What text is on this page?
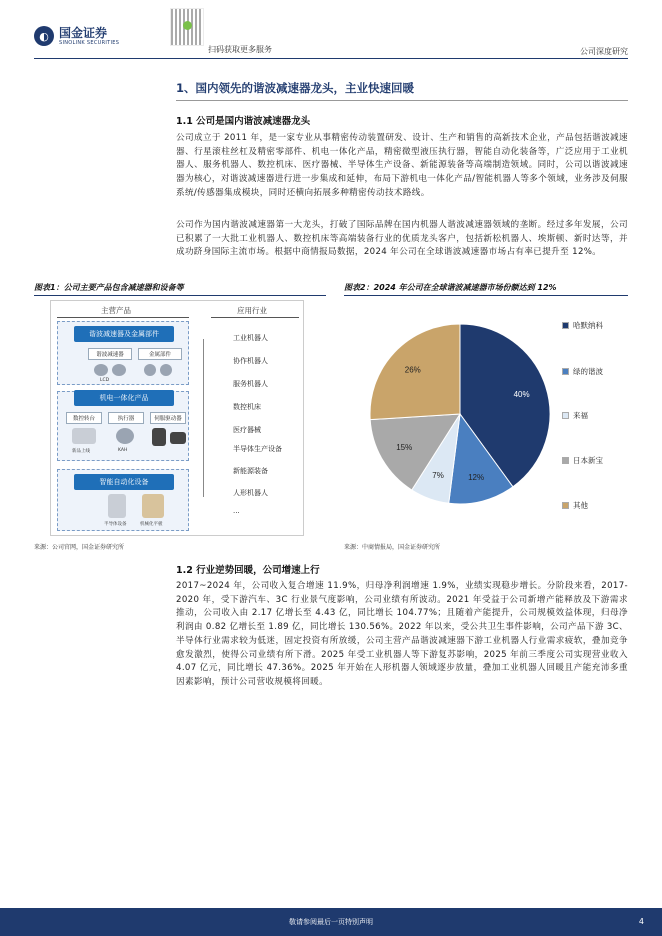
◐ 国金证券
SINOLINK SECURITIES
扫码获取更多服务	公司深度研究
1、国内领先的谐波减速器龙头，主业快速回暖
1.1 公司是国内谐波减速器龙头
公司成立于 2011 年，是一家专业从事精密传动装置研发、设计、生产和销售的高新技术企业，产品包括谐波减速器、行星滚柱丝杠及精密零部件、机电一体化产品，精密微型液压执行器，智能自动化装备等，广泛应用于工业机器人、服务机器人、数控机床、医疗器械、半导体生产设备、新能源装备等高端制造领域。同时，公司以谐波减速器为核心，对谐波减速器进行进一步集成和延伸，布局下游机电一体化产品/智能机器人等多个领域，业务涉及伺服系统/传感器集成模块，同时还横向拓展多种精密传动技术路线。
公司作为国内谐波减速器第一大龙头，打破了国际品牌在国内机器人谐波减速器领域的垄断。经过多年发展，公司已积累了一大批工业机器人、数控机床等高端装备行业的优质龙头客户，包括新松机器人、埃斯顿、新时达等，并成功跻身国际主流市场。根据中商情报局数据，2024 年公司在全球谐波减速器市场占有率已提升至 12%。
图表1：公司主要产品包含减速器和设备等
主营产品	应用行业
谐波减速器及金属部件
谐波减速器	金属部件
LCD
机电一体化产品
数控转台	执行器	伺服驱动器
新品上线	KAH
智能自动化设备
半导体设备	机械化平板
工业机器人
协作机器人
服务机器人
数控机床
医疗器械
半导体生产设备
新能源装备
人形机器人
...
来源：公司官网，国金证券研究所
图表2：2024 年公司在全球谐波减速器市场份额达到 12%
40%
12%
7%
15%
26%
哈默纳科
绿的谐波
来福
日本新宝
其他
来源：中商情报局，国金证券研究所
1.2 行业逆势回暖，公司增速上行
2017~2024 年，公司收入复合增速 11.9%，归母净利润增速 1.9%，业绩实现稳步增长。分阶段来看，2017-2020 年，受下游汽车、3C 行业景气度影响，公司业绩有所波动。2021 年受益于公司新增产能释放及下游需求推动，公司收入由 2.17 亿增长至 4.43 亿，同比增长 104.77%；且随着产能提升，公司规模效益体现，归母净利润由 0.82 亿增长至 1.89 亿，同比增长 130.56%。2022 年以来，受公共卫生事件影响，公司产品下游 3C、半导体行业需求较为低迷，固定投资有所放缓，公司主营产品谐波减速器下游工业机器人行业需求疲软，叠加竞争愈发激烈，使得公司业绩有所下滑。2025 年受工业机器人等下游复苏影响，2025 年前三季度公司实现营业收入 4.07 亿元，同比增长 47.36%。2025 年开始在人形机器人领域逐步放量，叠加工业机器人回暖且产能充沛多重因素影响，预计公司营收规模将回暖。
敬请参阅最后一页特别声明	4
